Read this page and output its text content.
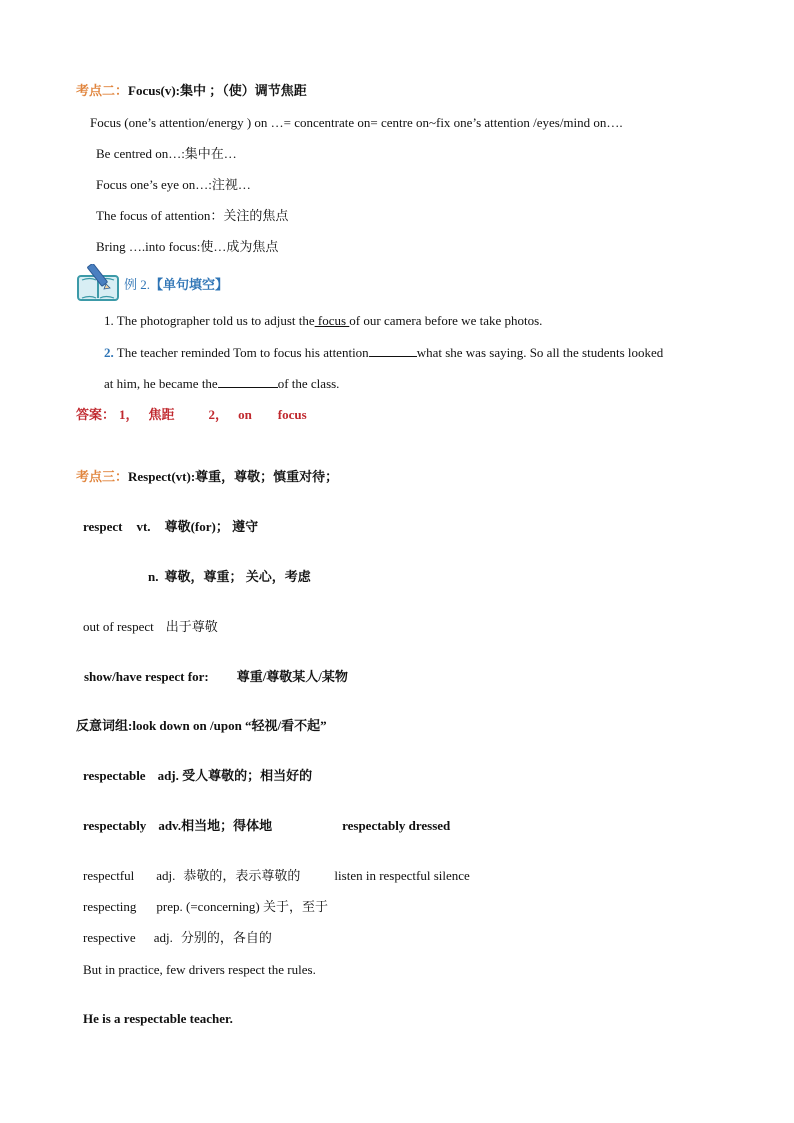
考点二：Focus(v):集中 ；（使）调节焦距
Focus (one’s attention/energy ) on …= concentrate on= centre on~fix one’s attention /eyes/mind on….
Be centred on…:集中在…
Focus one’s eye on…:注视…
The focus of attention：关注的焦点
Bring ….into focus:使…成为焦点
例 2.【单句填空】
1. The photographer told us to adjust the focus of our camera before we take photos.
2. The teacher reminded Tom to focus his attention	what she was saying. So all the students looked
at him, he became the	of the class.
答案： 1， 焦距	2， on focus
考点三：Respect(vt):尊重，尊敬；慎重对待；
respect vt. 尊敬(for)； 遵守
n. 尊敬，尊重； 关心，考虑
out of respect 出于尊敬
show/have respect for: 尊重/尊敬某人/某物
反意词组:look down on /upon “轻视/看不起”
respectable adj. 受人尊敬的；相当好的
respectably adv.相当地；得体地	respectably dressed
respectful adj. 恭敬的，表示尊敬的	listen in respectful silence
respecting prep. (=concerning) 关于，至于
respective adj. 分别的，各自的
But in practice, few drivers respect the rules.
He is a respectable teacher.
